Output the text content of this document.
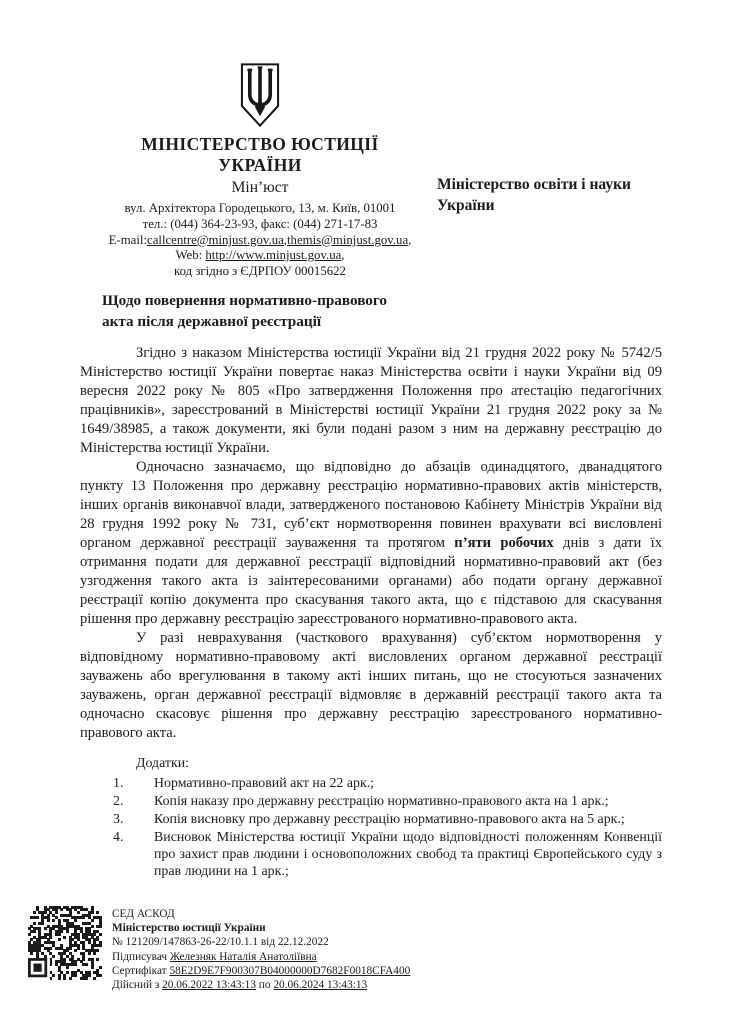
МІНІСТЕРСТВО ЮСТИЦІЇ
УКРАЇНИ
Мін’юст
вул. Архітектора Городецького, 13, м. Київ, 01001
тел.: (044) 364-23-93, факс: (044) 271-17-83
E-mail:callcentre@minjust.gov.ua,themis@minjust.gov.ua,
Web: http://www.minjust.gov.ua,
код згідно з ЄДРПОУ 00015622
Міністерство освіти і науки України
Щодо повернення нормативно-правового
акта після державної реєстрації

Згідно з наказом Міністерства юстиції України від 21 грудня 2022 року № 5742/5 Міністерство юстиції України повертає наказ Міністерства освіти і науки України від 09 вересня 2022 року № 805 «Про затвердження Положення про атестацію педагогічних працівників», зареєстрований в Міністерстві юстиції України 21 грудня 2022 року за № 1649/38985, а також документи, які були подані разом з ним на державну реєстрацію до Міністерства юстиції України.

Одночасно зазначаємо, що відповідно до абзаців одинадцятого, дванадцятого пункту 13 Положення про державну реєстрацію нормативно-правових актів міністерств, інших органів виконавчої влади, затвердженого постановою Кабінету Міністрів України від 28 грудня 1992 року № 731, суб’єкт нормотворення повинен врахувати всі висловлені органом державної реєстрації зауваження та протягом п’яти робочих днів з дати їх отримання подати для державної реєстрації відповідний нормативно-правовий акт (без узгодження такого акта із заінтересованими органами) або подати органу державної реєстрації копію документа про скасування такого акта, що є підставою для скасування рішення про державну реєстрацію зареєстрованого нормативно-правового акта.

У разі неврахування (часткового врахування) суб’єктом нормотворення у відповідному нормативно-правовому акті висловлених органом державної реєстрації зауважень або врегулювання в такому акті інших питань, що не стосуються зазначених зауважень, орган державної реєстрації відмовляє в державній реєстрації такого акта та одночасно скасовує рішення про державну реєстрацію зареєстрованого нормативно-правового акта.

Додатки:
1.	Нормативно-правовий акт на 22 арк.;
2.	Копія наказу про державну реєстрацію нормативно-правового акта на 1 арк.;
3.	Копія висновку про державну реєстрацію нормативно-правового акта на 5 арк.;
4.	Висновок Міністерства юстиції України щодо відповідності положенням Конвенції про захист прав людини і основоположних свобод та практиці Європейського суду з прав людини на 1 арк.;
СЕД АСКОД
Міністерство юстиції України
№ 121209/147863-26-22/10.1.1 від 22.12.2022
Підписувач Железняк Наталія Анатоліївна
Сертифікат 58E2D9E7F900307B04000000D7682F0018CFA400
Дійсний з 20.06.2022 13:43:13 по 20.06.2024 13:43:13
